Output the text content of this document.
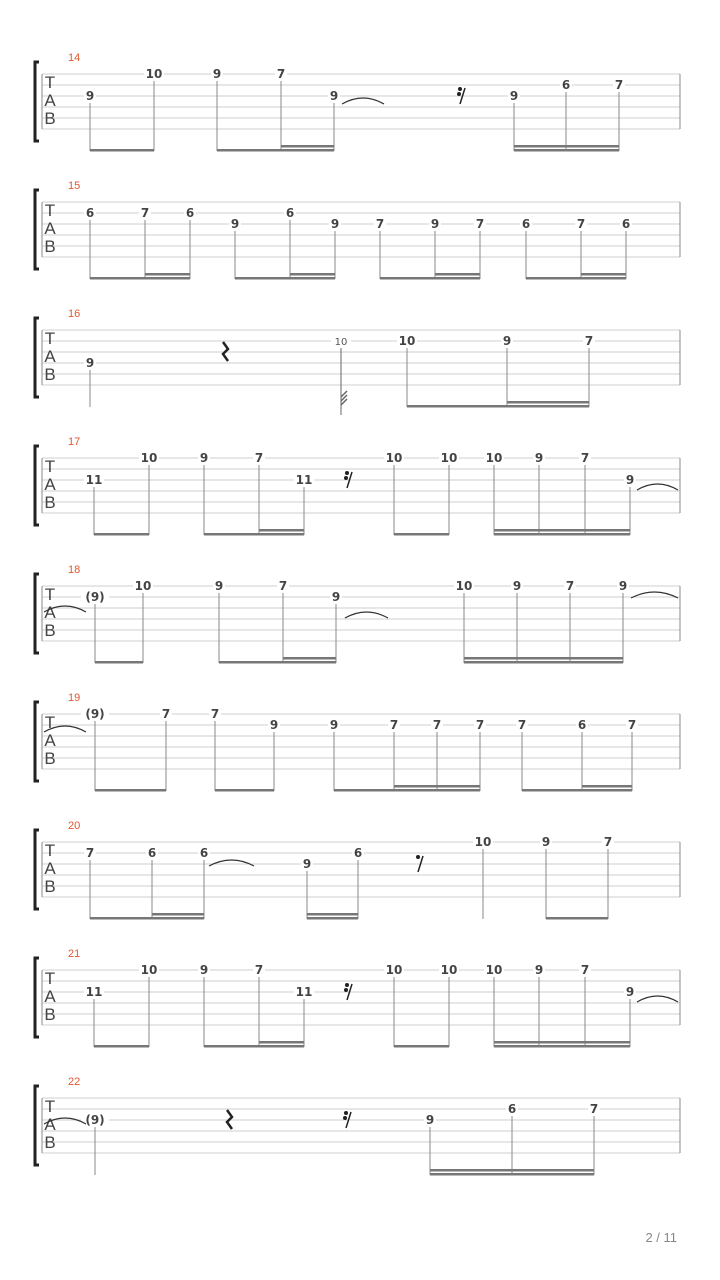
T
A
B
14
9
10	9	7
9	9
6	7
T
A
B
15
6	7	6
9
6
9	7	9	7	6	7	6
T
A
B
16
9
10	10	9	7
T
A
B
17
11
10	9	7
11
10	10 10	9	7
9
T
A
B
18
(9)
10	9	7
9
10	9	7	9
T
A
B
19
(9)	7	7
9	9	7	7	7	7	6	7
T
A
B
20
7	6	6
9
6
10	9	7
T
A
B
21
11
10	9	7
11
10	10 10	9	7
9
T
A
B
22
(9)	9
6	7
2 / 11
